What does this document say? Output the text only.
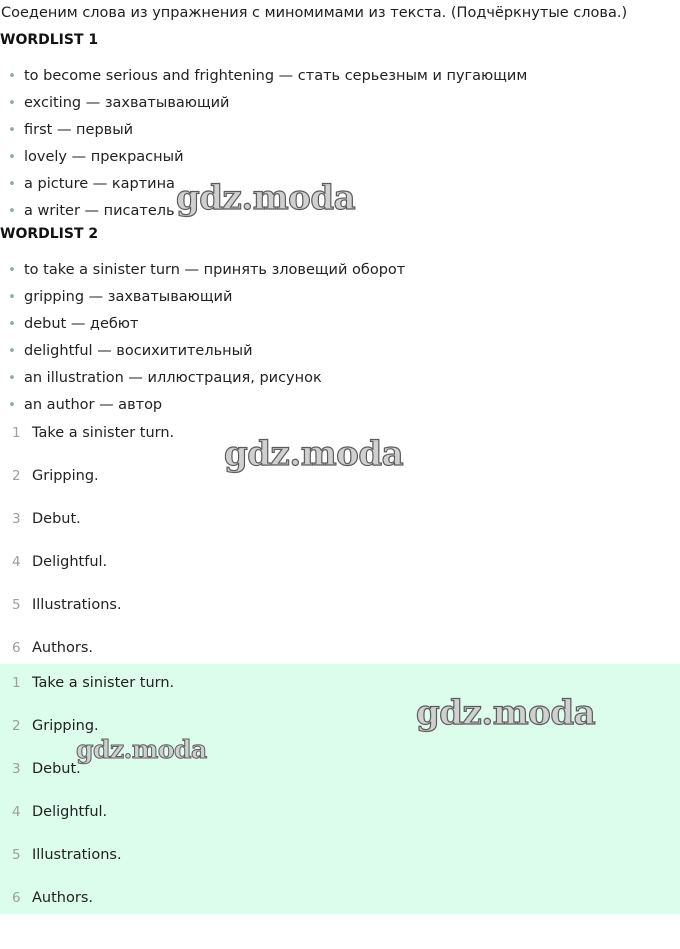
Соеденим слова из упражнения с миномимами из текста. (Подчёркнутые слова.)
WORDLIST 1
• to become serious and frightening — стать серьезным и пугающим
• exciting — захватывающий
• first — первый
• lovely — прекрасный
• a picture — картина
• a writer — писатель
WORDLIST 2
• to take a sinister turn — принять зловещий оборот
• gripping — захватывающий
• debut — дебют
• delightful — восихитительный
• an illustration — иллюстрация, рисунок
• an author — автор
1 Take a sinister turn.
2 Gripping.
3 Debut.
4 Delightful.
5 Illustrations.
6 Authors.
1 Take a sinister turn.
2 Gripping.
3 Debut.
4 Delightful.
5 Illustrations.
6 Authors.
gdz.moda
gdz.moda
gdz.moda
gdz.moda
